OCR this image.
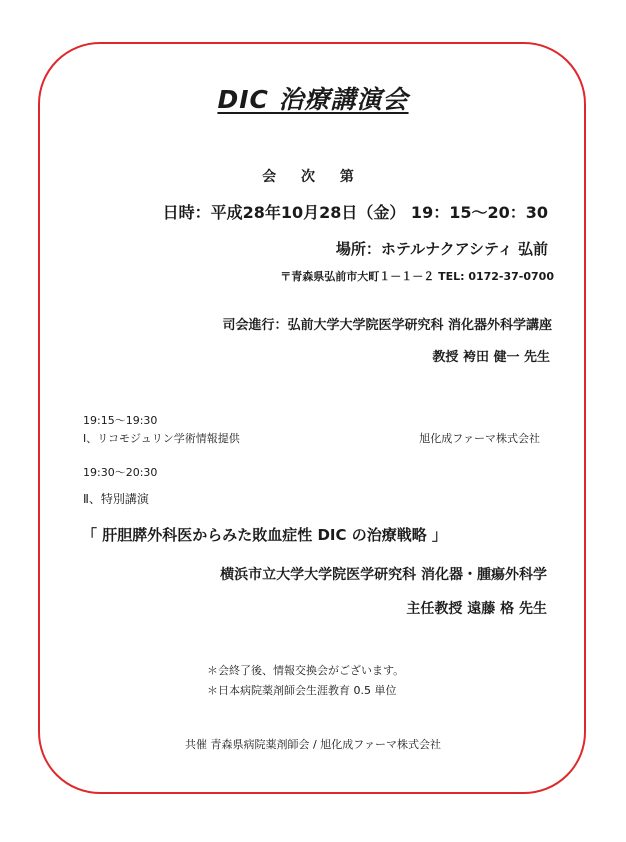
DIC 治療講演会
会 次 第
日時：平成28年10月28日（金） 19：15～20：30
場所：ホテルナクアシティ 弘前
〒青森県弘前市大町１－１－２ TEL: 0172-37-0700
司会進行：弘前大学大学院医学研究科 消化器外科学講座
教授 袴田 健一 先生
19:15～19:30
Ⅰ、リコモジュリン学術情報提供	旭化成ファーマ株式会社
19:30～20:30
Ⅱ、特別講演
「 肝胆膵外科医からみた敗血症性 DIC の治療戦略 」
横浜市立大学大学院医学研究科 消化器・腫瘍外科学
主任教授 遠藤 格 先生
＊会終了後、情報交換会がございます。
＊日本病院薬剤師会生涯教育 0.5 単位
共催 青森県病院薬剤師会 / 旭化成ファーマ株式会社
